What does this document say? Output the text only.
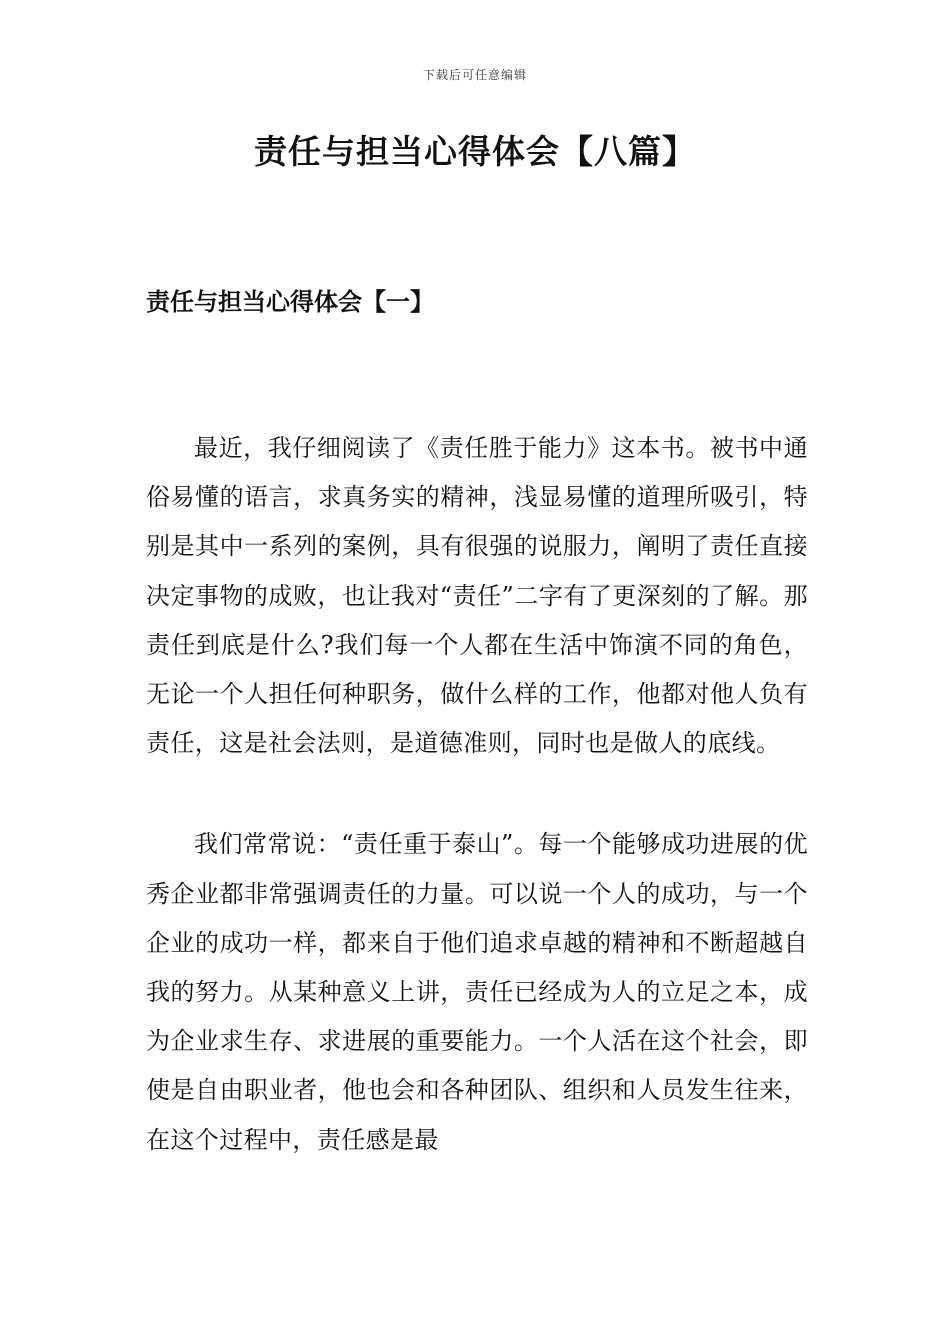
下载后可任意编辑
责任与担当心得体会【八篇】
责任与担当心得体会【一】

最近，我仔细阅读了《责任胜于能力》这本书。被书中通俗易懂的语言，求真务实的精神，浅显易懂的道理所吸引，特别是其中一系列的案例，具有很强的说服力，阐明了责任直接决定事物的成败，也让我对“责任”二字有了更深刻的了解。那责任到底是什么?我们每一个人都在生活中饰演不同的角色，无论一个人担任何种职务，做什么样的工作，他都对他人负有责任，这是社会法则，是道德准则，同时也是做人的底线。

我们常常说：“责任重于泰山”。每一个能够成功进展的优秀企业都非常强调责任的力量。可以说一个人的成功，与一个企业的成功一样，都来自于他们追求卓越的精神和不断超越自我的努力。从某种意义上讲，责任已经成为人的立足之本，成为企业求生存、求进展的重要能力。一个人活在这个社会，即使是自由职业者，他也会和各种团队、组织和人员发生往来，在这个过程中，责任感是最
